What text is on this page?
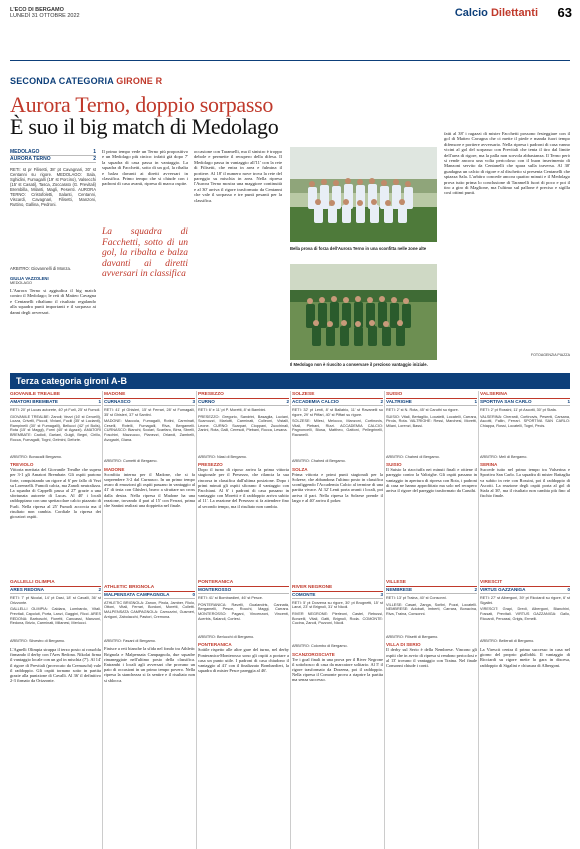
L'ECO DI BERGAMO
LUNEDÌ 31 OTTOBRE 2022	Calcio Dilettanti 63
SECONDA CATEGORIA GIRONE R
Aurora Terno, doppio sorpasso
È suo il big match di Medolago
MEDOLAGO	1
AURORA TERNO	2
RETI: st pr Filisetti, 38' pt Cavagnari, 30' st Centanni su rigore. MEDOLAGO: Sala, Sghidini, Fumagalli (19' st Porcino), Valsecchi (15' st Casati), Tasca, Zoccarato (G. Previtali) Brembilla, Milanti, Magli, Pesenti. AURORA TERNO: Cristofoletti, Salanti, Centanni, Viscardi, Cavagnari, Filisetti, Manzoni, Ruttino, Gallina, Pedroni.
ARBITRO: Giovannelli di Monza.
GIULIA VAZZOLENI
MEDOLAGO
L'Aurora Terno si aggiudica il big match contro il Medolago; le reti di Matteo Cavagna e Centanelli ribaltano il risultato regalando alla squadra punti importanti e il sorpasso ai danni degli avversari.
Il primo tempo vede un Terno più propositivo e un Medolago più cinico: infatti già dopo 7' la squadra di casa passa in vantaggio. La squadra di Facchetti, sotto di un gol, la ribalta e balza davanti ai diretti avversari in classifica. Primo tempo che si chiude con i padroni di casa avanti, ripresa di marca ospite.
La squadra di Facchetti, sotto di un gol, la ribalta e balza davanti ai diretti avversari in classifica
occasione con Taramelli, ma il sinistro è troppo debole e permette il recupero della difesa. Il Medolago passa in vantaggio all'11' con la rete di Filisetti, che entra in area e fulmina il portiere. Al 18' il numero nove trova la rete del pareggio su mischia in area. Nella ripresa l'Aurora Terno mostra una maggiore continuità e al 30' arriva il rigore trasformato da Centanni che vale il sorpasso e tre punti pesanti per la classifica.
Bella prova di forza dell'Aurora Terno in una sconfitta nelle zone alte
Il Medolago non è riuscito a conservare il prezioso vantaggio iniziale.
fatti al 38' i ragazzi di mister Facchetti possono festeggiare con il gol di Matteo Cavagna che ci mette il piede e manda fuori tempo difensore e portiere avversario. Nella ripresa i padroni di casa vanno vicini al gol del sorpasso con Previtali che tenta il tiro dal limite dell'area di rigore, ma la palla non sorvola abbastanza. Il Terno però si rende ancora una volta pericoloso con il buon inserimento di Manzoni servito da Centanelli che spara sulla traversa. Al 30' guadagna un calcio di rigore e al dischetto si presenta Centanelli che spiazza Sala. L'arbitro concede ancora quattro minuti e il Medolago prova tutto prima lo conclusione di Taramelli fuori di poco e poi il tiro a giro di Maglione, ma l'ultimo sul pallone è preciso e sigilla così ottimi punti.
FOTOAGENZIA PIAZZA
Terza categoria gironi A-B
GIOVANILE TREALBE
AMATORI BREMBATE	1
RETI: 20' pt Lucas autorete, 40' pt Furli, 25' st Fumoli.
GIOVANILE TREALBE: Zanoli; Vezzi (16' st Ceruelli), Lozza, Crivelli, Piccoli, Viviani, Fucili (35' st Lucianti), Rampinelli (30' st Fumagalli), Bellucci (42' pt Bolis), Rota (15' st Maggi), Forni (40' st Agazzi). AMATORI BREMBATE: Cadioli, Gariani, Guigli, Begni, Cirillo, Rocca, Fumagalli, Togni, Gelmini, Deforte.
ARBITRO: Bonacalli Bergamo.
TREVIOLO
Vittoria meritata del Giovanile Trealbe che supera per 3-1 gli Amatori Brembate. Gli ospiti partono forte, conquistando un rigore al 6' per fallo di Vezi su Lorenzelli. Fumoli calcia, ma Zanoli neutralizza. La squadra di Cappelli passa al 27' grazie a una sfortunata autorete di Lucas. Al 40' i locali raddoppiano con uno spettacolare calcio piazzato di Furli. Nella ripresa al 25' Fumoli accorcia ma il risultato non cambia. Cordiale la ripresa dei giocatori ospiti.
GALLELLI OLIMPIA
ARES REDONA	2
RETI: 7' pt Nicolai, 14' pt Dasi, 18' st Cavalli, 36' st Orizzonte.
GALLELLI OLIMPIA: Caldara, Lombardo, Vitali, Previtali, Capoluti, Porta, Lanzi, Gaggini, Ricci. ARES REDONA: Barboschi, Fioretti, Cancassi, Manzoni, Redona, Brizio, Carminati, Milanesi, Merlucci.
ARBITRO: Silvestro di Bergamo.
L'Agnelli Olimpia strappa il terzo posto ai rossoblu firmando il derby con l'Ares Redona. Nikolai firma il vantaggio locale con un gol in mischia (7'). Al 14' il rigore di Previtali (provocato da Cremaschi) vale il raddoppio. Gli ospiti tornano sotto in partita grazie alla punizione di Cavalli. Al 36' il definitivo 2-3 firmato da Orizzonte.
MADONE
CURNASCO	3
RETI: 41' pt Ghisleri, 15' st Ferrari, 28' st Fumagalli, 35' st Ghisleri, 37' st Santini.
MADONE: Maccola, Fumagalli, Rotini, Carminati, Ceselli, Rotelli, Fumagalli, Riva, Bergamelli. CURNASCO: Bianchi, Scolari, Scarfaro, Birra, Sbrelli, Foschini, Mazzucco, Pianezzi, Orlandi, Zambelli, Avogadri, Giana.
ARBITRO: Cumetti di Bergamo.
MADONE
Sconfitta interna per il Madone, che si fa sorprendere 3-2 dal Curnasco. In un primo tempo avaro di emozioni gli ospiti passano in vantaggio al 41' di testa con Ghisleri, bravo a sfruttare un cross dalla destra. Nella ripresa il Madone ha una reazione, trovando il pari al 15' con Ferrari, prima che Santini realizzi una doppietta nel finale.
ATHLETIC BRIGNOLA
MALPENSATA CAMPAGNOLA	0
ATHLETIC BRIGNOLA: Zanon, Pirola, Jamber, Riolo, Ottoni, Vitali, Ferrari, Bordoni, Moretti, Colletti. MALPENSATA CAMPAGNOLA: Carrozzini, Gusmeri, Arrigoni, Zabolacchi, Pastori, Cremona.
ARBITRO: Fasani di Bergamo.
Finisce a reti bianche la sfida nel fondo tra Athletic Brignola e Malpensata Campagnola, due squadre rimaneggiate nell'ultimo posto della classifica. Entrambi i locali agli avversari che provano un paio di occasioni in un primo tempo povero. Nella ripresa la stanchezza si fa sentire e il risultato non si sblocca.
PRESEZZO
CURNO	2
RETI: 6' e 11' pt P. Moretti, 8' st Bambini.
PRESEZZO: Gregorio, Sandrini, Basaglia, Luciani, Scamozzi, Mariotti, Carminati, Colleoni, Vistalli, Leone. CURNO: Scarpari, Cioppani, Zucchinali, Zanini, Rota, Galli, Ceresoli, Plebani, Rocca, Lesana.
ARBITRO: Niasi di Bergamo.
PRESEZZO
Dopo il turno di riposo arriva la prima vittoria stagionale per il Presezzo, che rilancia la sua rincorsa in classifica dall'ultima posizione. Dopo i primi minuti gli ospiti sfiorano il vantaggio con Pacchiani. Al 6' i padroni di casa passano in vantaggio con Moretti e il raddoppio arriva subito al 11'. La reazione del Presezzo si fa attendere fino al secondo tempo, ma il risultato non cambia.
PONTERANICA
MONTEROSSO
RETI: 41' st Bombardieri, 46' st Pesce.
PONTERANICA: Ravelli, Gualandris, Cannatà, Bergamelli, Pesce, Rocchi, Maggi, Carrara. MONTEROSSO: Pagani, Vincenzoni, Vincenti, Acerbis, Salandi, Cortesi.
ARBITRO: Berlucchi di Bergamo.
PONTERANICA
Sottile rispetto alle altre gare del turno, nel derby Ponteranica-Monterosso sono gli ospiti a portare a casa un punto utile. I padroni di casa chiudono il vantaggio al 41' con il finalizzato Bombardieri, la squadra di mister Pesce pareggia al 46'.
SOLZESE
ACCADEMIA CALCIO	2
RETI: 32' pt Lenti, 8' st Ballabio, 11' st Ravanelli su rigore, 29' st Piffari, 40' st Piffari su rigore.
SOLZESE: Milesi, Melocco, Manzoni, Cortinovis, Vitali, Plebani, Rizzi. ACCADEMIA CALCIO: Pagnoncelli, Biosa, Mattheo, Gattoni, Pellegrinelli, Ravanelli.
ARBITRO: Chahed di Bergamo.
SOLZA
Prima vittoria e primi punti stagionali per la Solzese, che abbandona l'ultimo posto in classifica sconfiggendo l'Accademia Calcio al termine di una partita vivace. Al 32' Lenti porta avanti i locali, poi arriva il pari. Nella ripresa la Solzese prende il largo e al 40' arriva il poker.
RIVER NEGRONE
COMONTE	3
RETI: 5' pt Dorzena su rigore, 30' pt Brugnetti, 15' st Lanzi, 23' st Brignoli, 31' st Nicoli.
RIVER NEGRONE: Pierleoni, Castel, Rebussi, Bonzelli, Vitali, Gatti, Brignoli, Roda. COMONTE: Cucina, Zanoli, Pozzoni, Nicoli.
ARBITRO: Colombo di Bergamo.
SCANZOROSCIATE
Tre i goal finali in una prova per il River Negrone il sottobosco di casa da marcatore solitario. Al 5' il rigore trasformato da Dorzena, poi il raddoppio. Nella ripresa il Comonte prova a riaprire la partita ma senza successo.
SUISIO
VALTRIGHE	1
RETI: 2' st N. Rota, 45' st Caruthi su rigore.
SUISIO: Vitali, Bertagllio, Locatelli, Locatelli, Carrara, Pirola, Rota. VALTRIGHE: Ressi, Marchesi, Moretti, Milani, Lorenzi, Bassi.
ARBITRO: Chahed di Bergamo.
SUISIO
Il Suisio la riacciuffa nei minuti finali e ottiene il pareggio contro la Valtrighe. Gli ospiti passano in vantaggio in apertura di ripresa con Rota, i padroni di casa ne hanno approfittato ma solo nel recupero arriva il rigore del pareggio trasformato da Caruthi.
VILLESE
NEMBRESE	2
RETI: 13' pt Traina, 40' st Consonni.
VILLESE: Casari, Zanga, Sorlini, Pozzi, Locatelli. NEMBRESE: Adobati, Imberti, Carrara, Bonacina, Riva, Traina, Consonni.
ARBITRO: Filisetti di Bergamo.
VILLA DI SERIO
Il derby sul Serio è della Nembrese. Vincono gli ospiti che in avvio di ripresa si rendono pericolosi e al 13' trovano il vantaggio con Traina. Nel finale Consonni chiude i conti.
VALSERINA
SPORTIVA SAN CARLO	1
RETI: 2' pt Rossini, 11' pt Ascotti, 30' pt Stafa.
VALSERINA: Cherardi, Cortinovis, Pesenti, Carsana, Ascotti, Fallin, Ferrari. SPORTIVA SAN CARLO: Chiappa, Rossi, Locatelli, Togni, Pecis.
ARBITRO: Meli di Bergamo.
SERINA
Succede tutto nel primo tempo tra Valserina e Sportiva San Carlo. La squadra di mister Battaglia va subito in rete con Rossini, poi il raddoppio di Ascotti. La reazione degli ospiti porta al gol di Stafa al 30', ma il risultato non cambia più fino al fischio finale.
VIRESCIT
VIRTUS GAZZANIGA	0
RETI: 27' st Albergoni, 39' pt Ricciardi su rigore, 6' st Sigalini.
VIRESCIT: Grapi, Dredi, Albergoni, Bianchini, Fossati, Previtali. VIRTUS GAZZANIGA: Gallo, Riccardi, Percassi, Grigis, Ermelli.
ARBITRO: Bellerati di Bergamo.
La Virescit centra il primo successo in casa nel giorno del proprio gialloblù. Il vantaggio di Ricciardi su rigore mette la gara in discesa, raddoppio di Sigalini e chiusura di Albergoni.
